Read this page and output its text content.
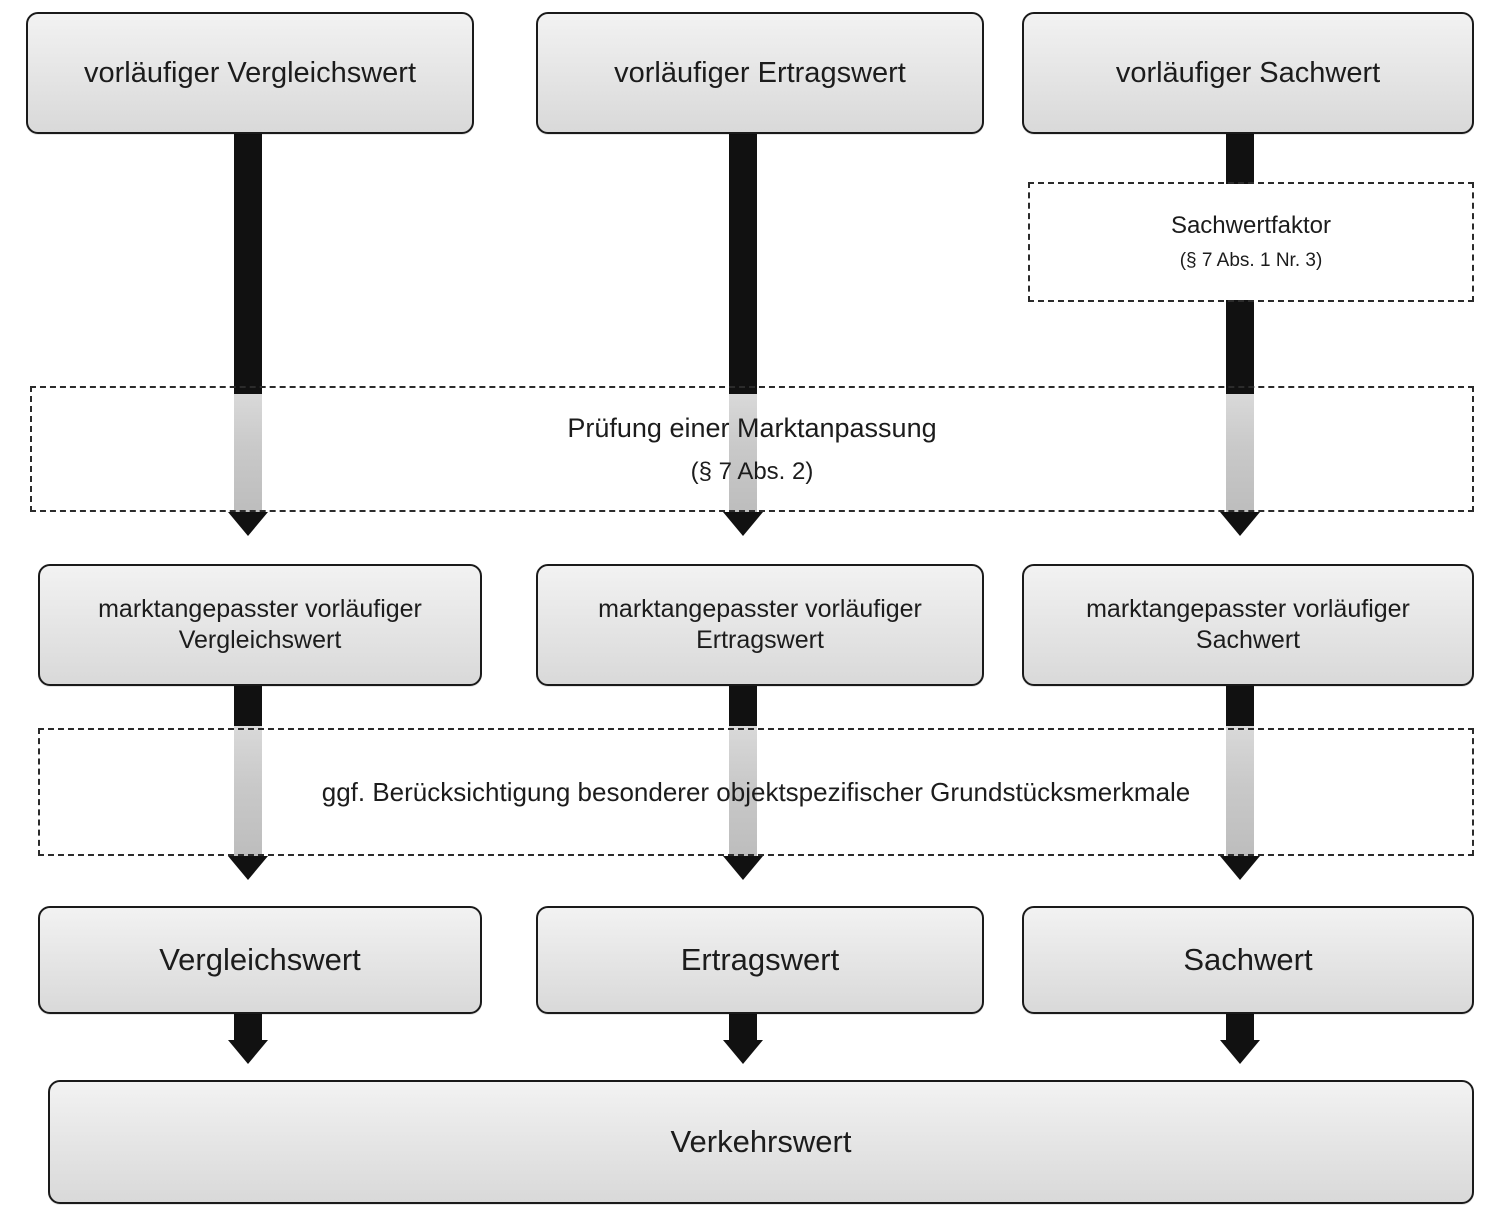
vorläufiger Vergleichswert	vorläufiger Ertragswert	vorläufiger Sachwert
Sachwertfaktor
(§ 7 Abs. 1 Nr. 3)
Prüfung einer Marktanpassung
(§ 7 Abs. 2)
marktangepasster vorläufiger Vergleichswert
marktangepasster vorläufiger Ertragswert
marktangepasster vorläufiger Sachwert
ggf. Berücksichtigung besonderer objektspezifischer Grundstücksmerkmale
Vergleichswert	Ertragswert	Sachwert
Verkehrswert
